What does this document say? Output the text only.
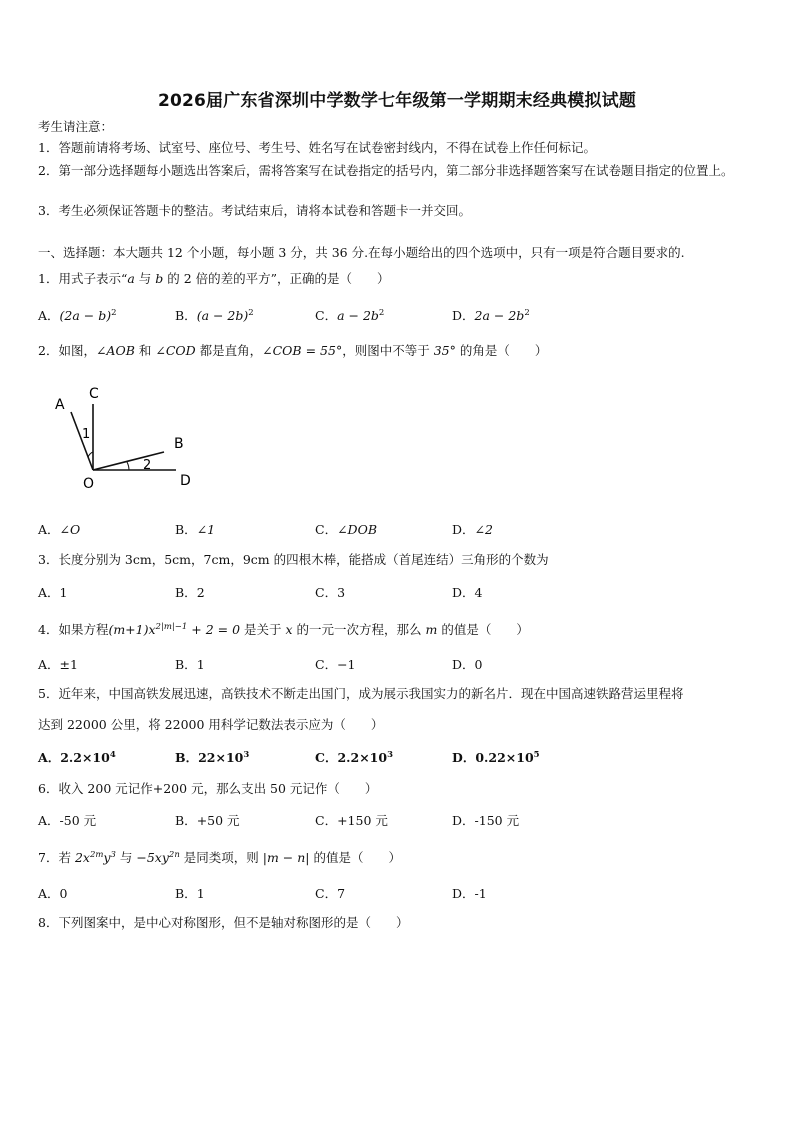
2026届广东省深圳中学数学七年级第一学期期末经典模拟试题
考生请注意：
1．答题前请将考场、试室号、座位号、考生号、姓名写在试卷密封线内，不得在试卷上作任何标记。
2．第一部分选择题每小题选出答案后，需将答案写在试卷指定的括号内，第二部分非选择题答案写在试卷题目指定的位置上。
3．考生必须保证答题卡的整洁。考试结束后，请将本试卷和答题卡一并交回。
一、选择题：本大题共 12 个小题，每小题 3 分，共 36 分.在每小题给出的四个选项中，只有一项是符合题目要求的.
1．用式子表示“a 与 b 的 2 倍的差的平方”，正确的是（　　）
A．$(2a - b)^2$	B．$(a - 2b)^2$	C．$a - 2b^2$	D．$2a - 2b^2$
2．如图，∠AOB 和 ∠COD 都是直角，∠COB = 55°，则图中不等于 35° 的角是（　　）
A
C
B
D
O
1
2
A．∠O	B．∠1	C．∠DOB	D．∠2
3．长度分别为 3cm，5cm，7cm，9cm 的四根木棒，能搭成（首尾连结）三角形的个数为
A．1	B．2	C．3	D．4
4．如果方程$(m+1)x^{2|m|-1} + 2 = 0$ 是关于 x 的一元一次方程，那么 m 的值是（　　）
A．±1	B．1	C．−1	D．0
5．近年来，中国高铁发展迅速，高铁技术不断走出国门，成为展示我国实力的新名片．现在中国高速铁路营运里程将
达到 22000 公里，将 22000 用科学记数法表示应为（　　）
A．$2.2\times 10^4$	B．$22\times 10^3$	C．$2.2\times 10^3$	D．$0.22\times 10^5$
6．收入 200 元记作+200 元，那么支出 50 元记作（　　）
A．-50 元	B．+50 元	C．+150 元	D．-150 元
7．若 $2x^{2m}y^3$ 与 $-5xy^{2n}$ 是同类项，则 |m − n| 的值是（　　）
A．0	B．1	C．7	D．-1
8．下列图案中，是中心对称图形，但不是轴对称图形的是（　　）
